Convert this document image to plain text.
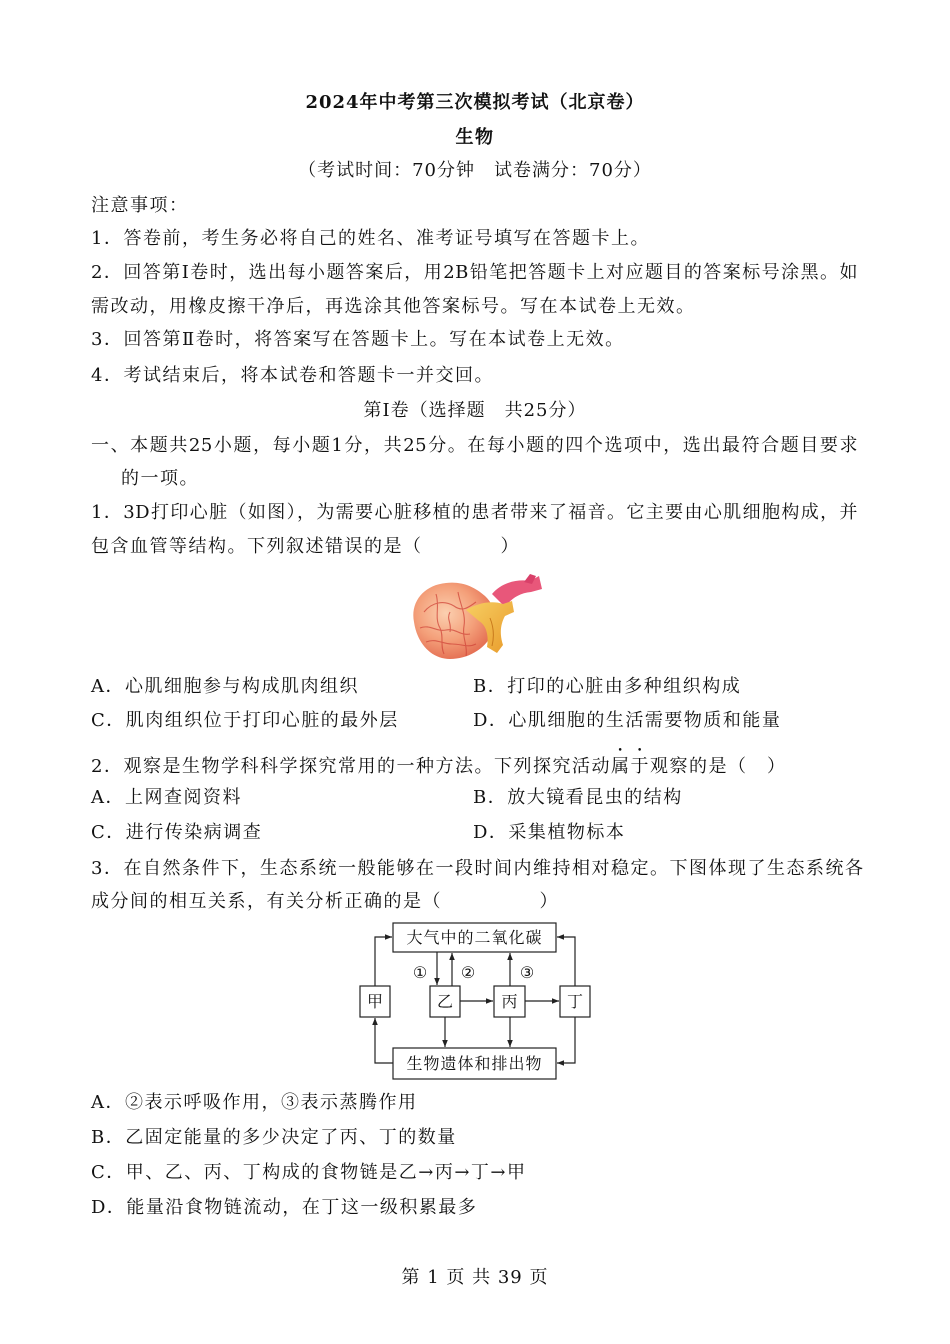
2024年中考第三次模拟考试（北京卷）
生物
（考试时间：70分钟　试卷满分：70分）
注意事项：
1．答卷前，考生务必将自己的姓名、准考证号填写在答题卡上。
2．回答第Ⅰ卷时，选出每小题答案后，用2B铅笔把答题卡上对应题目的答案标号涂黑。如
需改动，用橡皮擦干净后，再选涂其他答案标号。写在本试卷上无效。
3．回答第Ⅱ卷时，将答案写在答题卡上。写在本试卷上无效。
4．考试结束后，将本试卷和答题卡一并交回。
第Ⅰ卷（选择题　共25分）
一、本题共25小题，每小题1分，共25分。在每小题的四个选项中，选出最符合题目要求
的一项。
1．3D打印心脏（如图），为需要心脏移植的患者带来了福音。它主要由心肌细胞构成，并
包含血管等结构。下列叙述错误的是（　　　　）
A．心肌细胞参与构成肌肉组织	B．打印的心脏由多种组织构成
C．肌肉组织位于打印心脏的最外层	D．心肌细胞的生活需要物质和能量
2．观察是生物学科科学探究常用的一种方法。下列探究活动属于观察的是（　）
A．上网查阅资料	B．放大镜看昆虫的结构
C．进行传染病调查	D．采集植物标本
3．在自然条件下，生态系统一般能够在一段时间内维持相对稳定。下图体现了生态系统各
成分间的相互关系，有关分析正确的是（　　　　　）
大气中的二氧化碳
甲	乙	丙	丁
生物遗体和排出物
① ②	③
A．②表示呼吸作用，③表示蒸腾作用
B．乙固定能量的多少决定了丙、丁的数量
C．甲、乙、丙、丁构成的食物链是乙→丙→丁→甲
D．能量沿食物链流动，在丁这一级积累最多
第 1 页 共 39 页
